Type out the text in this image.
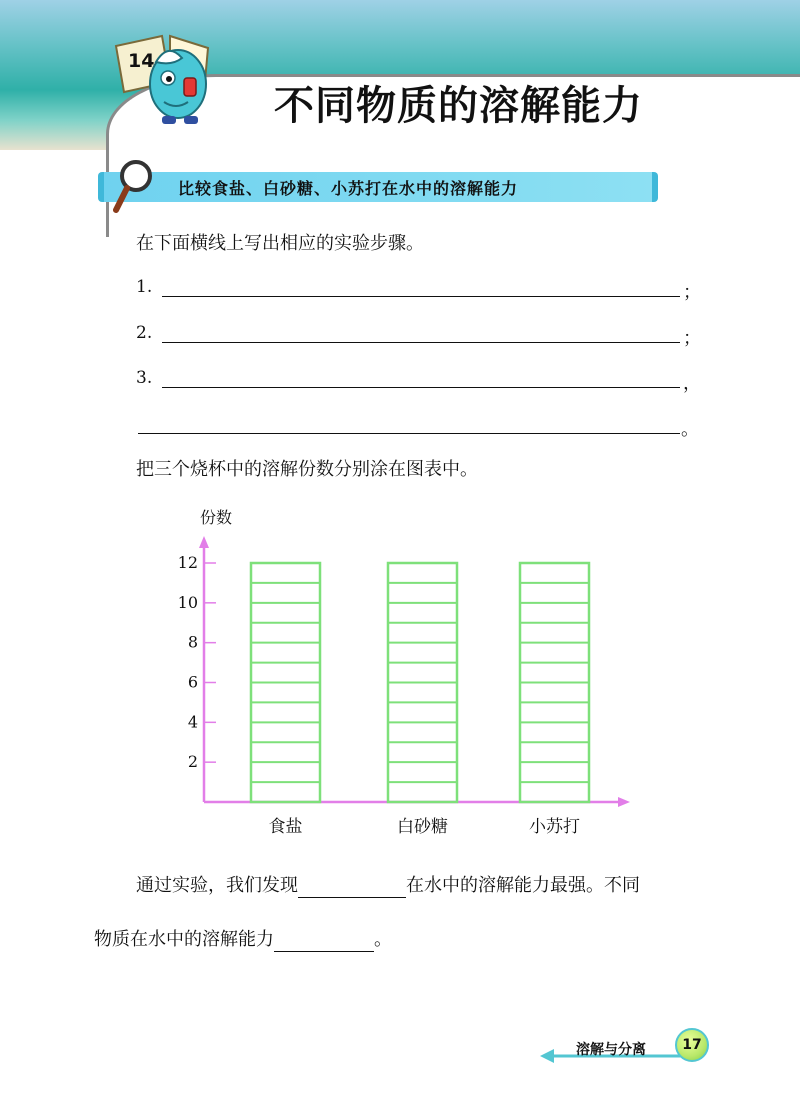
14
不同物质的溶解能力
比较食盐、白砂糖、小苏打在水中的溶解能力
在下面横线上写出相应的实验步骤。
1.	；
2.	；
3.	，
。
把三个烧杯中的溶解份数分别涂在图表中。
份数
2
4
6
8
10
12
食盐	白砂糖	小苏打
通过实验，我们发现	在水中的溶解能力最强。不同
物质在水中的溶解能力	。
溶解与分离	17
